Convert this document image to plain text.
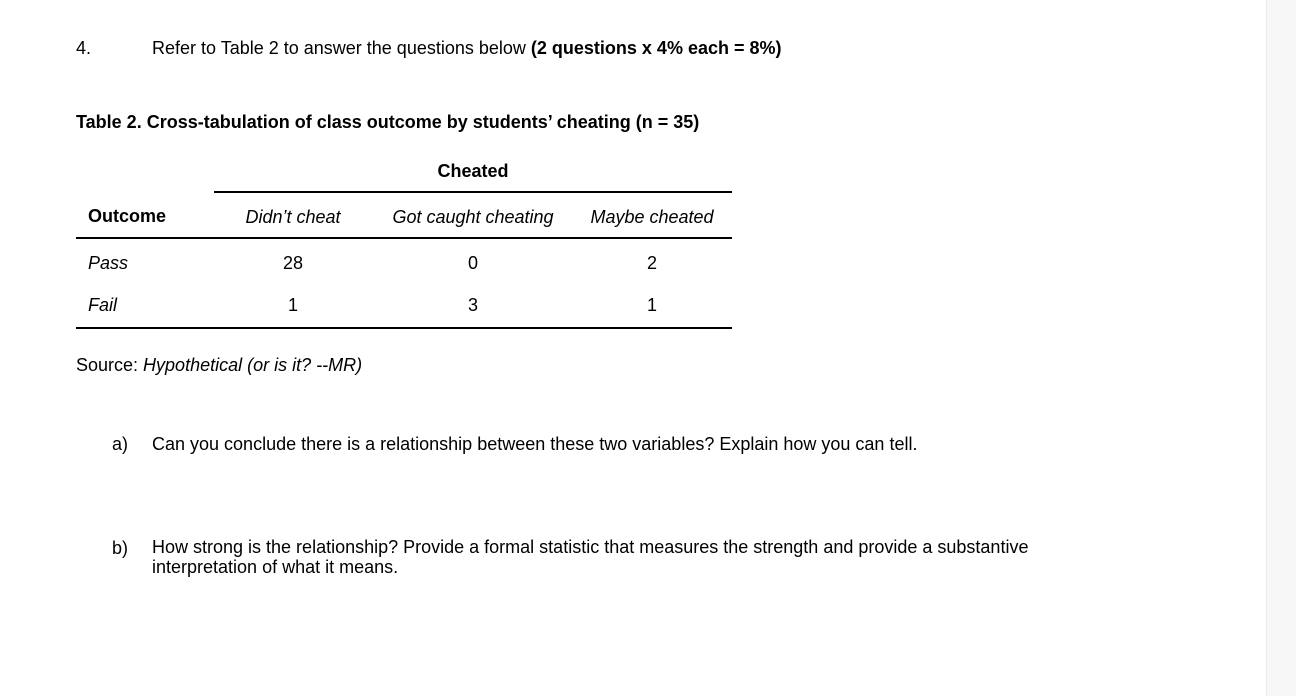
4.	Refer to Table 2 to answer the questions below (2 questions x 4% each = 8%)
Table 2. Cross-tabulation of class outcome by students’ cheating (n = 35)
Cheated
Outcome	Didn’t cheat	Got caught cheating	Maybe cheated
Pass	28	0	2
Fail	1	3	1
Source: Hypothetical (or is it? --MR)
a) Can you conclude there is a relationship between these two variables? Explain how you can tell.
b) How strong is the relationship? Provide a formal statistic that measures the strength and provide a substantive interpretation of what it means.
